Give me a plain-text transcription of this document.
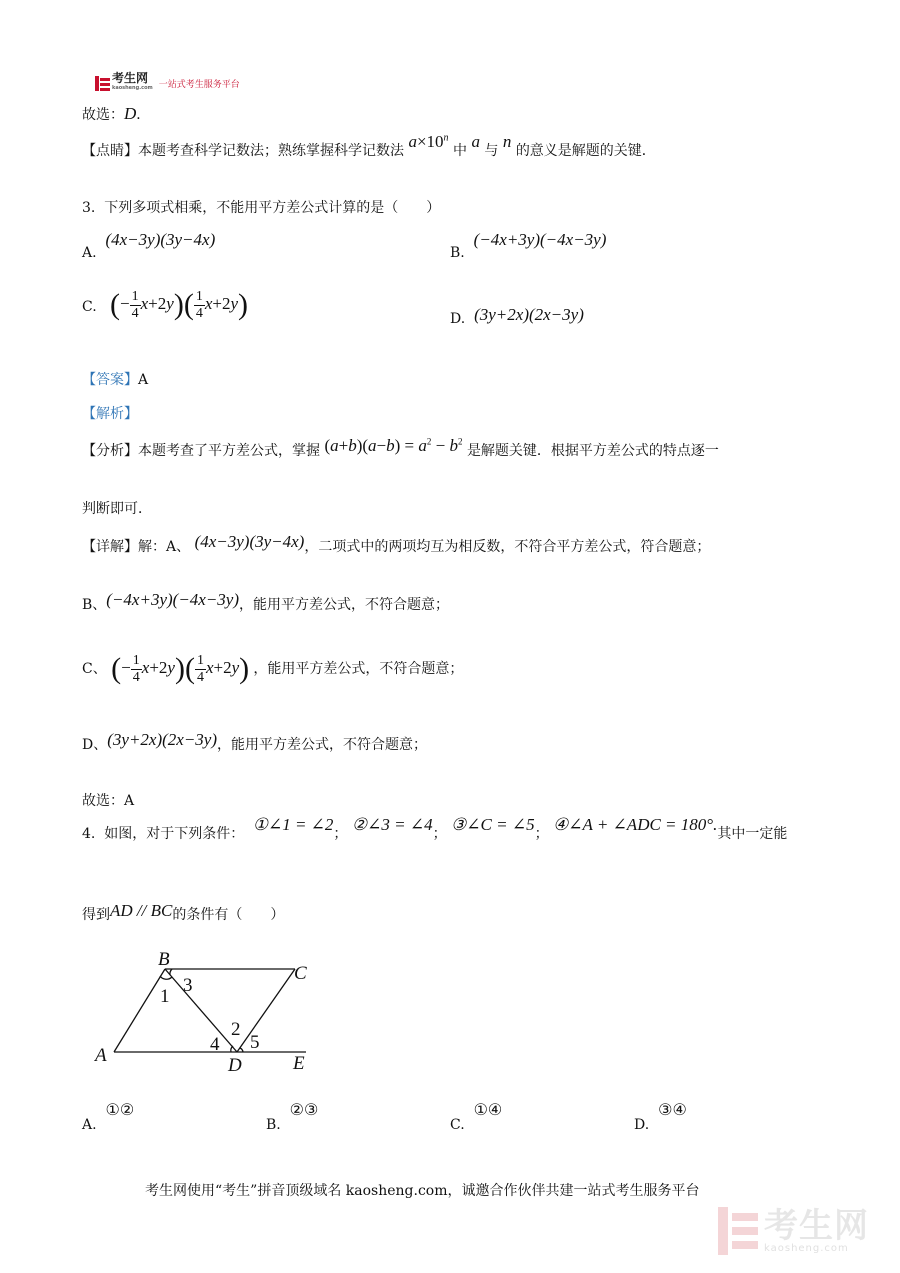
考生网
kaosheng.com 一站式考生服务平台
故选：D．
【点睛】本题考查科学记数法；熟练掌握科学记数法 $a\times 10^n$ 中 a 与 n 的意义是解题的关键．
3. 下列多项式相乘，不能用平方差公式计算的是（　　）
A.  (4x−3y)(3y−4x)
B.  (−4x+3y)(−4x−3y)
C. (− $\frac{1}{4} x+2y)( \frac{1}{4} x+2y)$	D. (3y+2x)(2x−3y)
【答案】A
【解析】
【分析】本题考查了平方差公式，掌握 $(a+b)(a-b) = a^2 - b^2$ 是解题关键．根据平方差公式的特点逐一
判断即可．
【详解】解：A、 (4x−3y)(3y−4x)，二项式中的两项均互为相反数，不符合平方差公式，符合题意；
B、(−4x+3y)(−4x−3y)，能用平方差公式，不符合题意；
C、 (− $\frac{1}{4} x+2y)( \frac{1}{4} x+2y)$ ，能用平方差公式，不符合题意；
D、(3y+2x)(2x−3y)，能用平方差公式，不符合题意；
故选：A
4. 如图，对于下列条件： ①∠1 = ∠2； ②∠3 = ∠4； ③∠C = ∠5； ④∠A + ∠ADC = 180°.其中一定能
得到AD // BC的条件有（　　）
A
B
C
D	E
1
2
3
4 5
A.  ①②
B.  ②③
C.  ①④
D.  ③④
考生网使用“考生”拼音顶级域名 kaosheng.com，诚邀合作伙伴共建一站式考生服务平台
考生网
kaosheng.com
